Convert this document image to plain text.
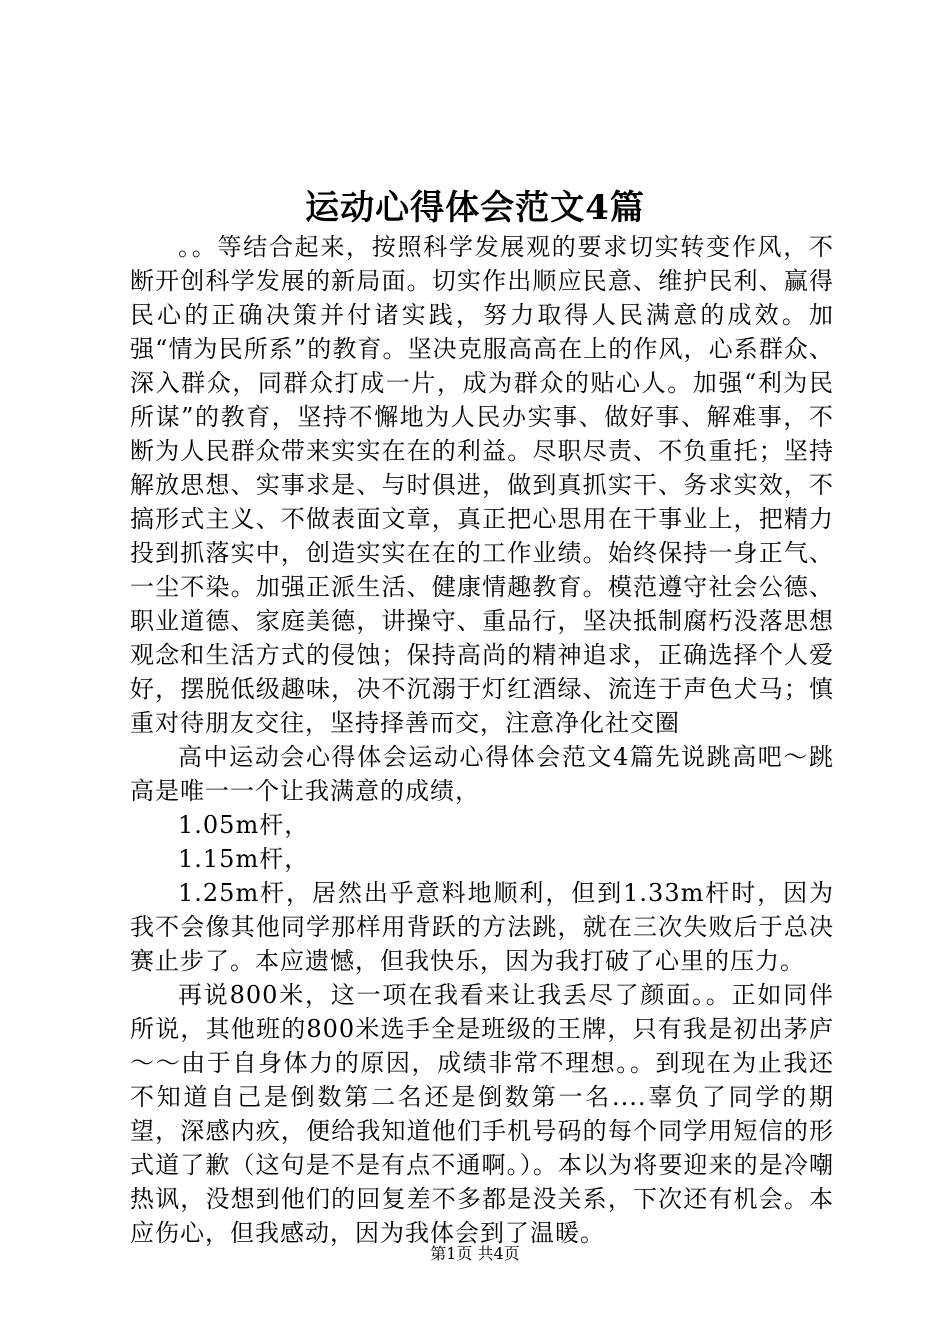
运动心得体会范文4篇

。。等结合起来，按照科学发展观的要求切实转变作风，不断开创科学发展的新局面。切实作出顺应民意、维护民利、赢得民心的正确决策并付诸实践，努力取得人民满意的成效。加强“情为民所系”的教育。坚决克服高高在上的作风，心系群众、深入群众，同群众打成一片，成为群众的贴心人。加强“利为民所谋”的教育，坚持不懈地为人民办实事、做好事、解难事，不断为人民群众带来实实在在的利益。尽职尽责、不负重托；坚持解放思想、实事求是、与时俱进，做到真抓实干、务求实效，不搞形式主义、不做表面文章，真正把心思用在干事业上，把精力投到抓落实中，创造实实在在的工作业绩。始终保持一身正气、一尘不染。加强正派生活、健康情趣教育。模范遵守社会公德、职业道德、家庭美德，讲操守、重品行，坚决抵制腐朽没落思想观念和生活方式的侵蚀；保持高尚的精神追求，正确选择个人爱好，摆脱低级趣味，决不沉溺于灯红酒绿、流连于声色犬马；慎重对待朋友交往，坚持择善而交，注意净化社交圈

高中运动会心得体会运动心得体会范文4篇先说跳高吧～跳高是唯一一个让我满意的成绩，

1.05m杆，

1.15m杆，

1.25m杆，居然出乎意料地顺利，但到1.33m杆时，因为我不会像其他同学那样用背跃的方法跳，就在三次失败后于总决赛止步了。本应遗憾，但我快乐，因为我打破了心里的压力。

再说800米，这一项在我看来让我丢尽了颜面。。正如同伴所说，其他班的800米选手全是班级的王牌，只有我是初出茅庐～～由于自身体力的原因，成绩非常不理想。。到现在为止我还不知道自己是倒数第二名还是倒数第一名....辜负了同学的期望，深感内疚，便给我知道他们手机号码的每个同学用短信的形式道了歉（这句是不是有点不通啊。）。本以为将要迎来的是冷嘲热讽，没想到他们的回复差不多都是没关系，下次还有机会。本应伤心，但我感动，因为我体会到了温暖。

第1页 共4页
